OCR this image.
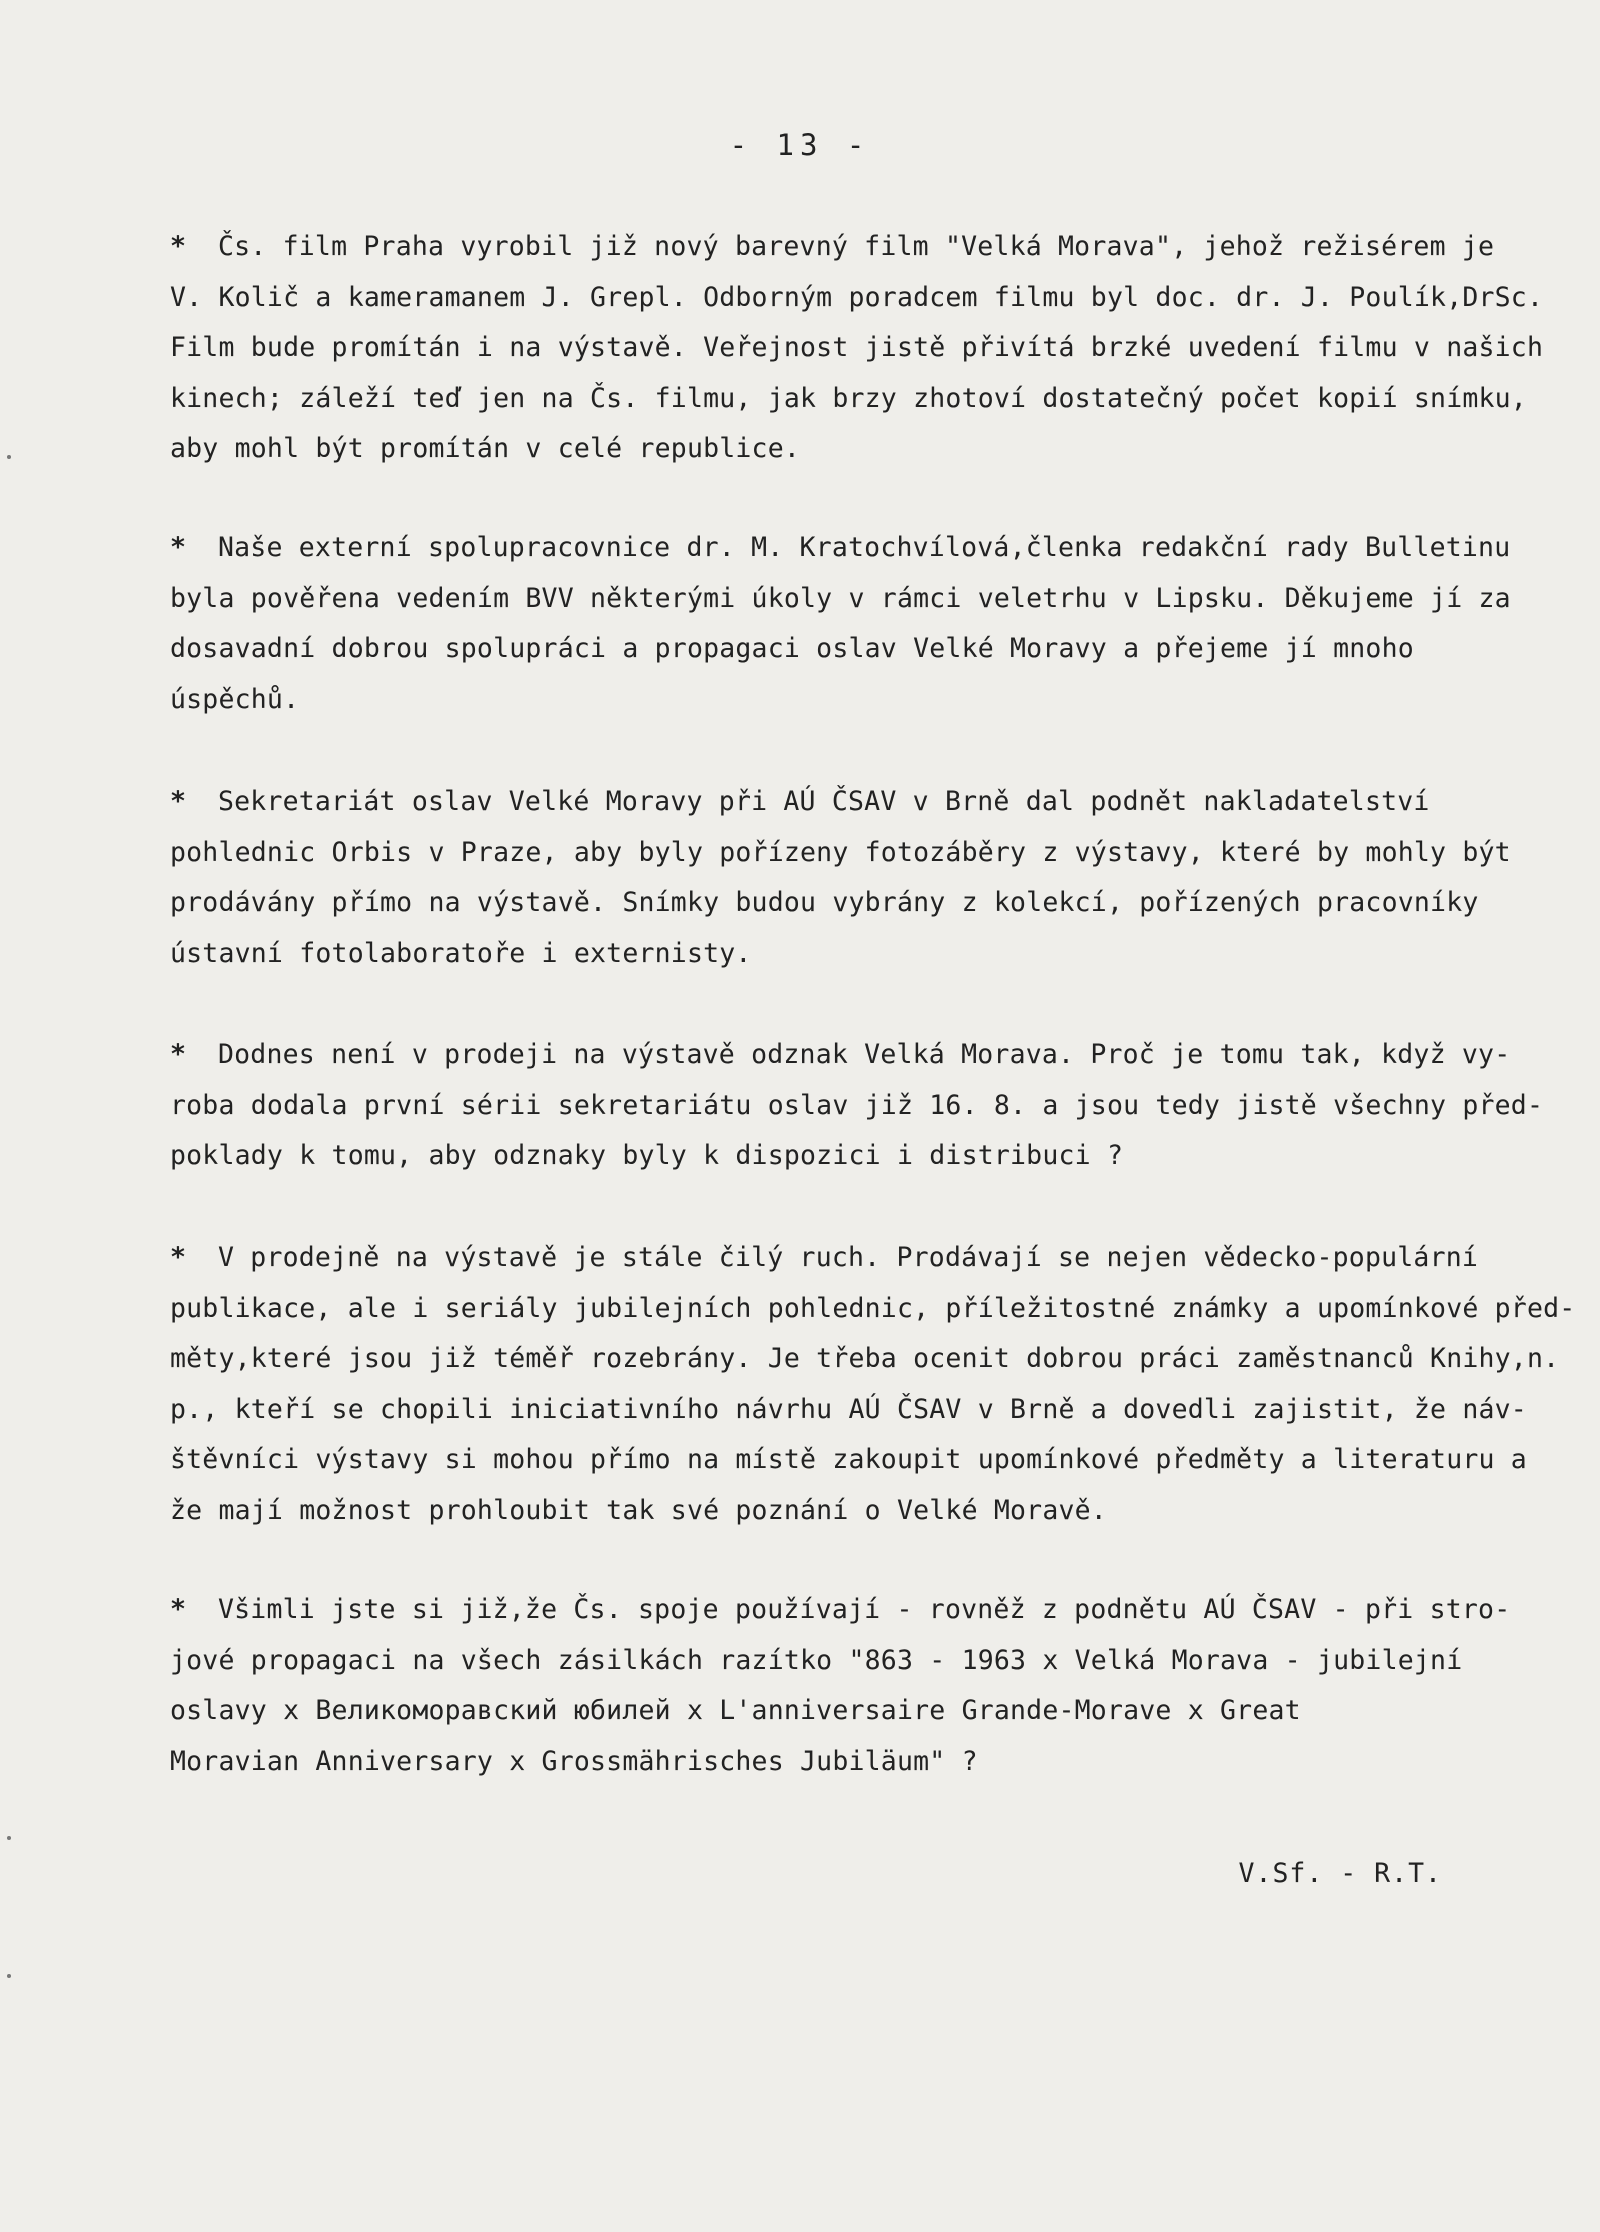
- 13 -
* Čs. film Praha vyrobil již nový barevný film "Velká Morava", jehož režisérem je
V. Količ a kameramanem J. Grepl. Odborným poradcem filmu byl doc. dr. J. Poulík,DrSc.
Film bude promítán i na výstavě. Veřejnost jistě přivítá brzké uvedení filmu v našich
kinech; záleží teď jen na Čs. filmu, jak brzy zhotoví dostatečný počet kopií snímku,
aby mohl být promítán v celé republice.
* Naše externí spolupracovnice dr. M. Kratochvílová,členka redakční rady Bulletinu
byla pověřena vedením BVV některými úkoly v rámci veletrhu v Lipsku. Děkujeme jí za
dosavadní dobrou spolupráci a propagaci oslav Velké Moravy a přejeme jí mnoho
úspěchů.
* Sekretariát oslav Velké Moravy při AÚ ČSAV v Brně dal podnět nakladatelství
pohlednic Orbis v Praze, aby byly pořízeny fotozáběry z výstavy, které by mohly být
prodávány přímo na výstavě. Snímky budou vybrány z kolekcí, pořízených pracovníky
ústavní fotolaboratoře i externisty.
* Dodnes není v prodeji na výstavě odznak Velká Morava. Proč je tomu tak, když vy-
roba dodala první sérii sekretariátu oslav již 16. 8. a jsou tedy jistě všechny před-
poklady k tomu, aby odznaky byly k dispozici i distribuci ?
* V prodejně na výstavě je stále čilý ruch. Prodávají se nejen vědecko-populární
publikace, ale i seriály jubilejních pohlednic, příležitostné známky a upomínkové před-
měty,které jsou již téměř rozebrány. Je třeba ocenit dobrou práci zaměstnanců Knihy,n.
p., kteří se chopili iniciativního návrhu AÚ ČSAV v Brně a dovedli zajistit, že náv-
štěvníci výstavy si mohou přímo na místě zakoupit upomínkové předměty a literaturu a
že mají možnost prohloubit tak své poznání o Velké Moravě.
* Všimli jste si již,že Čs. spoje používají - rovněž z podnětu AÚ ČSAV - při stro-
jové propagaci na všech zásilkách razítko "863 - 1963 x Velká Morava - jubilejní
oslavy x Великоморавский юбилей x L'anniversaire Grande-Morave x Great
Moravian Anniversary x Grossmährisches Jubiläum" ?
V.Sf. - R.T.
